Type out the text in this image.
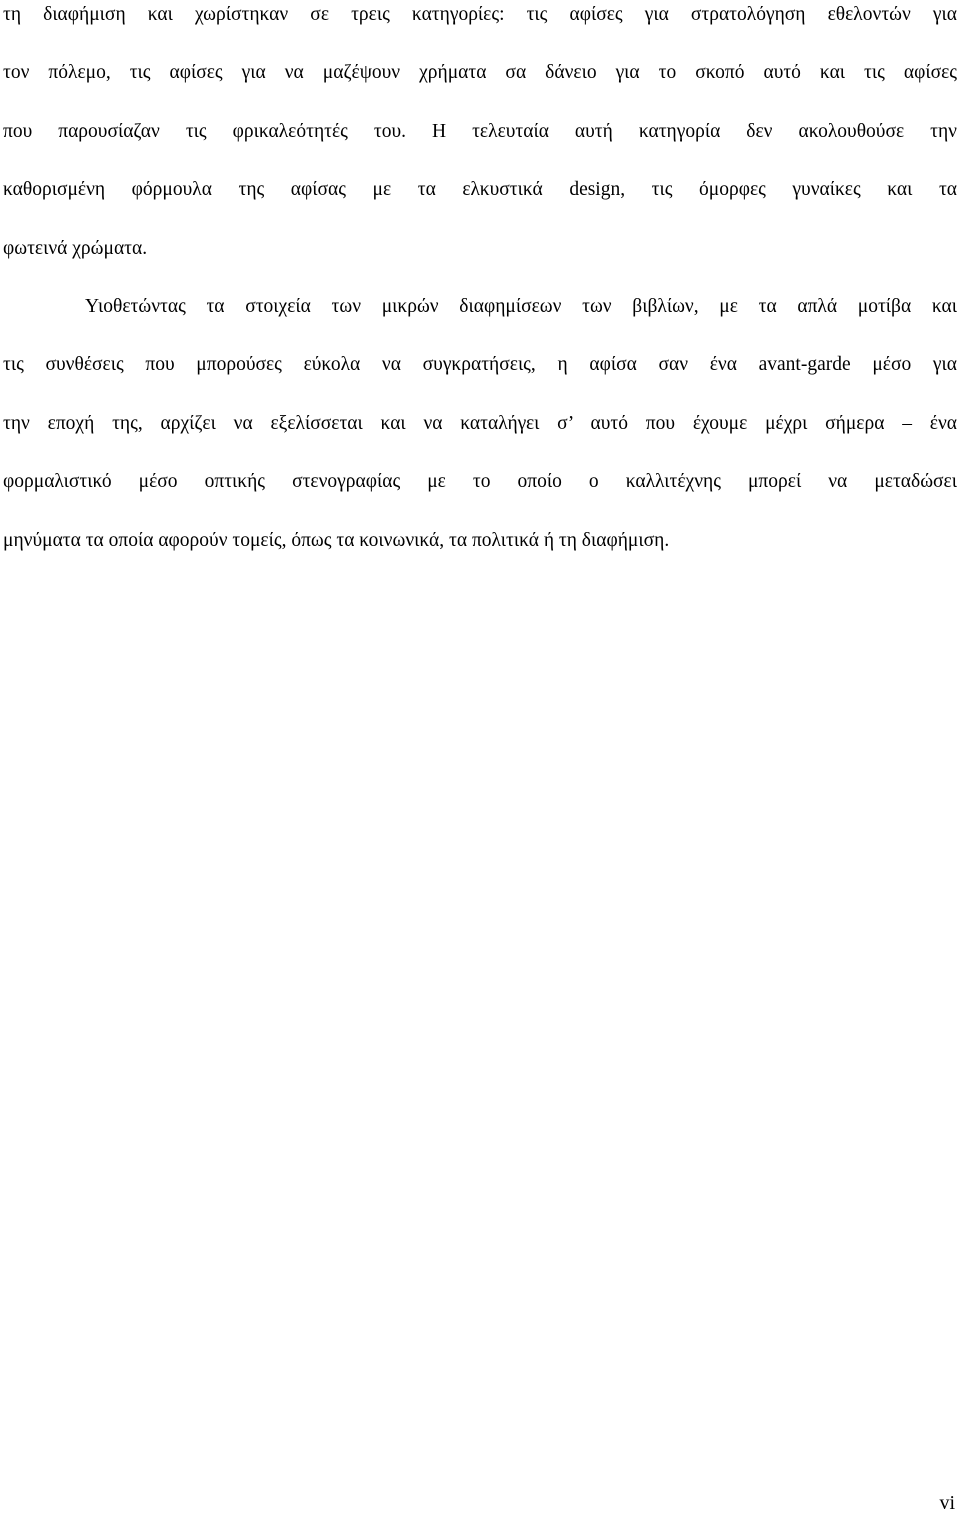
τη διαφήμιση και χωρίστηκαν σε τρεις κατηγορίες: τις αφίσες για στρατολόγηση εθελοντών για
τον πόλεμο, τις αφίσες για να μαζέψουν χρήματα σα δάνειο για το σκοπό αυτό και τις αφίσες
που παρουσίαζαν τις φρικαλεότητές του. Η τελευταία αυτή κατηγορία δεν ακολουθούσε την
καθορισμένη φόρμουλα της αφίσας με τα ελκυστικά design, τις όμορφες γυναίκες και τα
φωτεινά χρώματα.
Υιοθετώντας τα στοιχεία των μικρών διαφημίσεων των βιβλίων, με τα απλά μοτίβα και
τις συνθέσεις που μπορούσες εύκολα να συγκρατήσεις, η αφίσα σαν ένα avant-garde μέσο για
την εποχή της, αρχίζει να εξελίσσεται και να καταλήγει σ’ αυτό που έχουμε μέχρι σήμερα – ένα
φορμαλιστικό μέσο οπτικής στενογραφίας με το οποίο ο καλλιτέχνης μπορεί να μεταδώσει
μηνύματα τα οποία αφορούν τομείς, όπως τα κοινωνικά, τα πολιτικά ή τη διαφήμιση.
vi
